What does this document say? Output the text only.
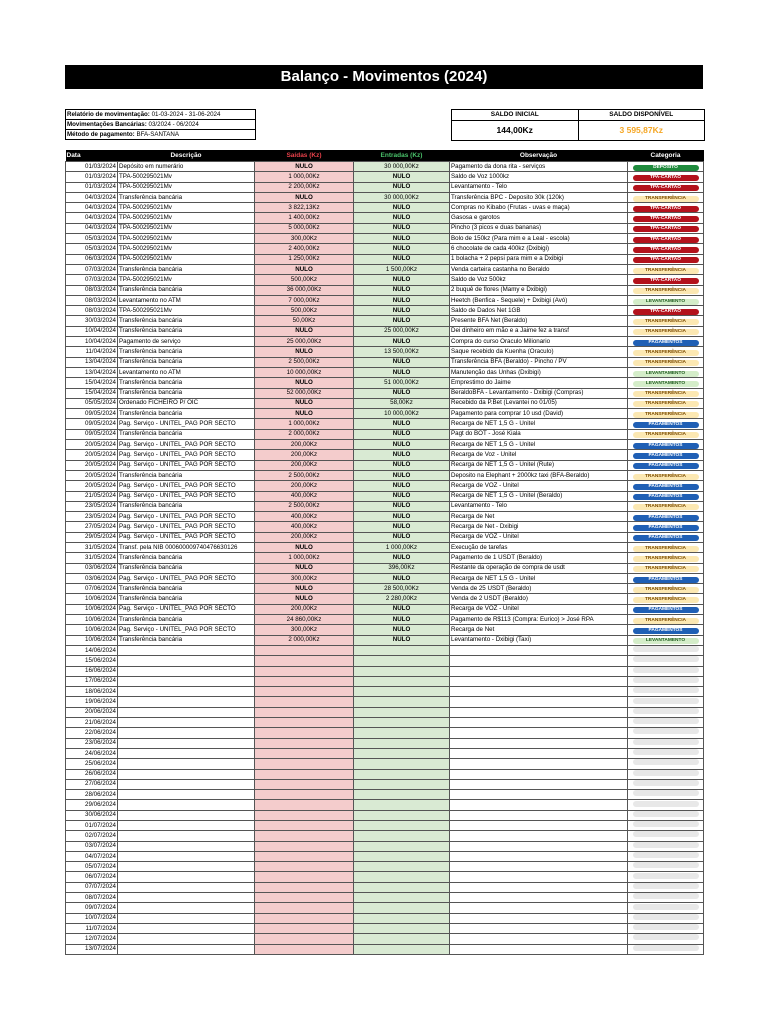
Balanço - Movimentos (2024)
Relatório de movimentação: 01-03-2024 - 31-06-2024
Movimentações Bancárias: 03/2024 - 06/2024
Método de pagamento: BFA-SANTANA
SALDO INICIAL	SALDO DISPONÍVEL
144,00Kz	3 595,87Kz
Data	Descrição	Saídas (Kz)	Entradas (Kz)	Observação	Categoria
01/03/2024	Depósito em numerário	NULO	30 000,00Kz	Pagamento da dona rita - serviços	DEPÓSITO
01/03/2024	TPA-500295021Mv	1 000,00Kz	NULO	Saldo de Voz 1000kz	TPA-CARTAO
01/03/2024	TPA-500295021Mv	2 200,00Kz	NULO	Levantamento - Telo	TPA-CARTAO
04/03/2024	Transferência bancária	NULO	30 000,00Kz	Transferência BPC - Deposito 30k (120k)	TRANSFERÊNCIA
04/03/2024	TPA-500295021Mv	3 822,13Kz	NULO	Compras no Kibabo (Frutas - uvas e maça)	TPA-CARTAO
04/03/2024	TPA-500295021Mv	1 400,00Kz	NULO	Gasosa e garotos	TPA-CARTAO
04/03/2024	TPA-500295021Mv	5 000,00Kz	NULO	Pincho (3 picos e duas bananas)	TPA-CARTAO
05/03/2024	TPA-500295021Mv	300,00Kz	NULO	Bolo de 150kz (Para mim e a Leal - escola)	TPA-CARTAO
05/03/2024	TPA-500295021Mv	2 400,00Kz	NULO	6 chocolate de cada 400kz (Dxibigi)	TPA-CARTAO
06/03/2024	TPA-500295021Mv	1 250,00Kz	NULO	1 bolacha + 2 pepsi para mim e a Dxibigi	TPA-CARTAO
07/03/2024	Transferência bancária	NULO	1 500,00Kz	Venda carteira castanha no Beraldo	TRANSFERÊNCIA
07/03/2024	TPA-500295021Mv	500,00Kz	NULO	Saldo de Voz 500kz	TPA-CARTAO
08/03/2024	Transferência bancária	36 000,00Kz	NULO	2 buquê de flores (Mamy e Dxibigi)	TRANSFERÊNCIA
08/03/2024	Levantamento no ATM	7 000,00Kz	NULO	Heetch (Benfica - Sequele) + Dxibigi (Avó)	LEVANTAMENTO
08/03/2024	TPA-500295021Mv	500,00Kz	NULO	Saldo de Dados Net 1GB	TPA-CARTAO
30/03/2024	Transferência bancária	50,00Kz	NULO	Presente BFA Net (Beraldo)	TRANSFERÊNCIA
10/04/2024	Transferência bancária	NULO	25 000,00Kz	Dei dinheiro em mão e a Jaime fez a transf	TRANSFERÊNCIA
10/04/2024	Pagamento de serviço	25 000,00Kz	NULO	Compra do curso Oraculo Milionario	PAGAMENTOS
11/04/2024	Transferência bancária	NULO	13 500,00Kz	Saque recebido da Kuenha (Oraculo)	TRANSFERÊNCIA
13/04/2024	Transferência bancária	2 500,00Kz	NULO	Transferência BFA (Beraldo) - Pincho / PV	TRANSFERÊNCIA
13/04/2024	Levantamento no ATM	10 000,00Kz	NULO	Manutenção das Unhas (Dxibigi)	LEVANTAMENTO
15/04/2024	Transferência bancária	NULO	51 000,00Kz	Emprestimo do Jaime	LEVANTAMENTO
15/04/2024	Transferência bancária	52 000,00Kz	NULO	BeraldoBFA - Levantamento - Dxibigi (Compras)	TRANSFERÊNCIA
05/05/2024	Ordenado FICHEIRO P/ OIC	NULO	58,00Kz	Recebido da P.Bet (Levantei no 01/05)	TRANSFERÊNCIA
09/05/2024	Transferência bancária	NULO	10 000,00Kz	Pagamento para comprar 10 usd (David)	TRANSFERÊNCIA
09/05/2024	Pag. Serviço - UNITEL_PAG POR SECTO	1 000,00Kz	NULO	Recarga de NET 1,5 G - Unitel	PAGAMENTOS
09/05/2024	Transferência bancária	2 000,00Kz	NULO	Pagt do BOT - José Kiala	TRANSFERÊNCIA
20/05/2024	Pag. Serviço - UNITEL_PAG POR SECTO	200,00Kz	NULO	Recarga de NET 1,5 G - Unitel	PAGAMENTOS
20/05/2024	Pag. Serviço - UNITEL_PAG POR SECTO	200,00Kz	NULO	Recarga de Voz - Unitel	PAGAMENTOS
20/05/2024	Pag. Serviço - UNITEL_PAG POR SECTO	200,00Kz	NULO	Recarga de NET 1,5 G - Unitel (Rute)	PAGAMENTOS
20/05/2024	Transferência bancária	2 500,00Kz	NULO	Deposito na Elephant + 2000kz taxi (BFA-Beraldo)	TRANSFERÊNCIA
20/05/2024	Pag. Serviço - UNITEL_PAG POR SECTO	200,00Kz	NULO	Recarga de VOZ - Unitel	PAGAMENTOS
21/05/2024	Pag. Serviço - UNITEL_PAG POR SECTO	400,00Kz	NULO	Recarga de NET 1,5 G - Unitel (Beraldo)	PAGAMENTOS
23/05/2024	Transferência bancária	2 500,00Kz	NULO	Levantamento - Telo	TRANSFERÊNCIA
23/05/2024	Pag. Serviço - UNITEL_PAG POR SECTO	400,00Kz	NULO	Recarga de Net	PAGAMENTOS
27/05/2024	Pag. Serviço - UNITEL_PAG POR SECTO	400,00Kz	NULO	Recarga de Net - Dxibigi	PAGAMENTOS
29/05/2024	Pag. Serviço - UNITEL_PAG POR SECTO	200,00Kz	NULO	Recarga de VOZ - Unitel	PAGAMENTOS
31/05/2024	Transf. pela NIB 000600009740476630126	NULO	1 000,00Kz	Execução de tarefas	TRANSFERÊNCIA
31/05/2024	Transferência bancária	1 000,00Kz	NULO	Pagamento de 1 USDT (Beraldo)	TRANSFERÊNCIA
03/06/2024	Transferência bancária	NULO	396,00Kz	Restante da operação de compra de usdt	TRANSFERÊNCIA
03/06/2024	Pag. Serviço - UNITEL_PAG POR SECTO	300,00Kz	NULO	Recarga de NET 1,5 G - Unitel	PAGAMENTOS
07/06/2024	Transferência bancária	NULO	28 500,00Kz	Venda de 25 USDT (Beraldo)	TRANSFERÊNCIA
10/06/2024	Transferência bancária	NULO	2 280,00Kz	Venda de 2 USDT (Beraldo)	TRANSFERÊNCIA
10/06/2024	Pag. Serviço - UNITEL_PAG POR SECTO	200,00Kz	NULO	Recarga de VOZ - Unitel	PAGAMENTOS
10/06/2024	Transferência bancária	24 860,00Kz	NULO	Pagamento de R$113 (Compra: Eurico) > José RPA	TRANSFERÊNCIA
10/06/2024	Pag. Serviço - UNITEL_PAG POR SECTO	300,00Kz	NULO	Recarga de Net	PAGAMENTOS
10/06/2024	Transferência bancária	2 000,00Kz	NULO	Levantamento - Dxibigi (Taxi)	LEVANTAMENTO
14/06/2024					
15/06/2024					
16/06/2024					
17/06/2024					
18/06/2024					
19/06/2024					
20/06/2024					
21/06/2024					
22/06/2024					
23/06/2024					
24/06/2024					
25/06/2024					
26/06/2024					
27/06/2024					
28/06/2024					
29/06/2024					
30/06/2024					
01/07/2024					
02/07/2024					
03/07/2024					
04/07/2024					
05/07/2024					
06/07/2024					
07/07/2024					
08/07/2024					
09/07/2024					
10/07/2024					
11/07/2024					
12/07/2024					
13/07/2024					
